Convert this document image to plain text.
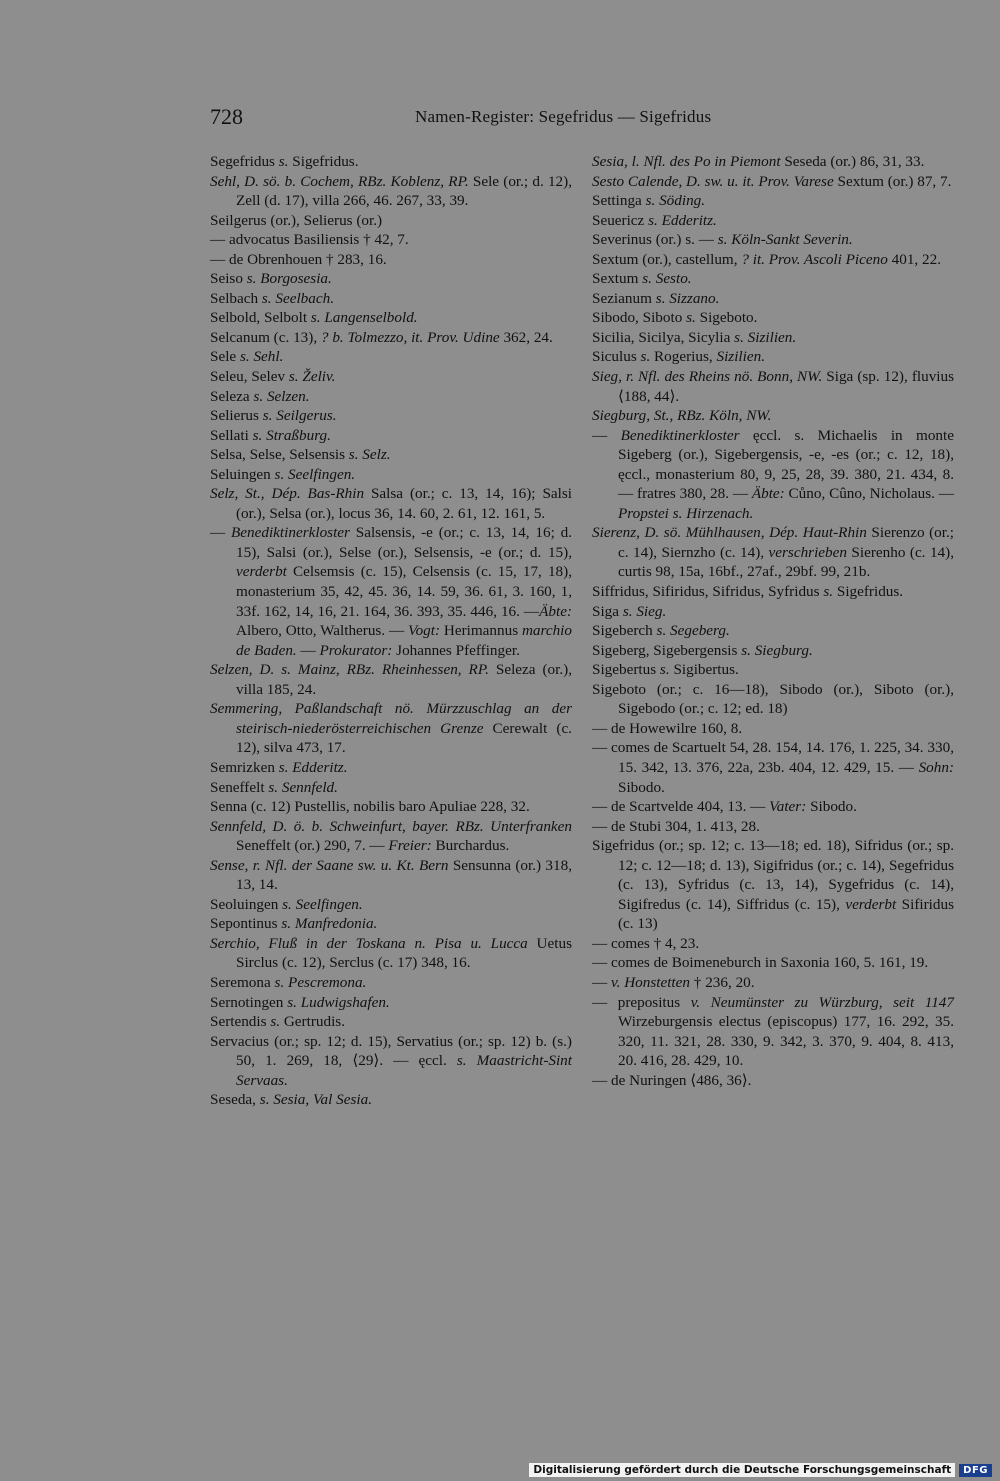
728	Namen-Register: Segefridus — Sigefridus
Segefridus s. Sigefridus.
Sehl, D. sö. b. Cochem, RBz. Koblenz, RP. Sele (or.; d. 12), Zell (d. 17), villa 266, 46. 267, 33, 39.
Seilgerus (or.), Selierus (or.)
— advocatus Basiliensis † 42, 7.
— de Obrenhouen † 283, 16.
Seiso s. Borgosesia.
Selbach s. Seelbach.
Selbold, Selbolt s. Langenselbold.
Selcanum (c. 13), ? b. Tolmezzo, it. Prov. Udine 362, 24.
Sele s. Sehl.
Seleu, Selev s. Želiv.
Seleza s. Selzen.
Selierus s. Seilgerus.
Sellati s. Straßburg.
Selsa, Selse, Selsensis s. Selz.
Seluingen s. Seelfingen.
Selz, St., Dép. Bas-Rhin Salsa (or.; c. 13, 14, 16); Salsi (or.), Selsa (or.), locus 36, 14. 60, 2. 61, 12. 161, 5.
— Benediktinerkloster Salsensis, -e (or.; c. 13, 14, 16; d. 15), Salsi (or.), Selse (or.), Selsensis, -e (or.; d. 15), verderbt Celsemsis (c. 15), Celsensis (c. 15, 17, 18), monasterium 35, 42, 45. 36, 14. 59, 36. 61, 3. 160, 1, 33f. 162, 14, 16, 21. 164, 36. 393, 35. 446, 16. —Äbte: Albero, Otto, Waltherus. — Vogt: Herimannus marchio de Baden. — Prokurator: Johannes Pfeffinger.
Selzen, D. s. Mainz, RBz. Rheinhessen, RP. Seleza (or.), villa 185, 24.
Semmering, Paßlandschaft nö. Mürzzuschlag an der steirisch-niederösterreichischen Grenze Cerewalt (c. 12), silva 473, 17.
Semrizken s. Edderitz.
Seneffelt s. Sennfeld.
Senna (c. 12) Pustellis, nobilis baro Apuliae 228, 32.
Sennfeld, D. ö. b. Schweinfurt, bayer. RBz. Unterfranken Seneffelt (or.) 290, 7. — Freier: Burchardus.
Sense, r. Nfl. der Saane sw. u. Kt. Bern Sensunna (or.) 318, 13, 14.
Seoluingen s. Seelfingen.
Sepontinus s. Manfredonia.
Serchio, Fluß in der Toskana n. Pisa u. Lucca Uetus Sirclus (c. 12), Serclus (c. 17) 348, 16.
Seremona s. Pescremona.
Sernotingen s. Ludwigshafen.
Sertendis s. Gertrudis.
Servacius (or.; sp. 12; d. 15), Servatius (or.; sp. 12) b. (s.) 50, 1. 269, 18, ⟨29⟩. — ęccl. s. Maastricht-Sint Servaas.
Seseda, s. Sesia, Val Sesia.
Sesia, l. Nfl. des Po in Piemont Seseda (or.) 86, 31, 33.
Sesto Calende, D. sw. u. it. Prov. Varese Sextum (or.) 87, 7.
Settinga s. Söding.
Seuericz s. Edderitz.
Severinus (or.) s. — s. Köln-Sankt Severin.
Sextum (or.), castellum, ? it. Prov. Ascoli Piceno 401, 22.
Sextum s. Sesto.
Sezianum s. Sizzano.
Sibodo, Siboto s. Sigeboto.
Sicilia, Sicilya, Sicylia s. Sizilien.
Siculus s. Rogerius, Sizilien.
Sieg, r. Nfl. des Rheins nö. Bonn, NW. Siga (sp. 12), fluvius ⟨188, 44⟩.
Siegburg, St., RBz. Köln, NW.
— Benediktinerkloster ęccl. s. Michaelis in monte Sigeberg (or.), Sigebergensis, -e, -es (or.; c. 12, 18), ęccl., monasterium 80, 9, 25, 28, 39. 380, 21. 434, 8. — fratres 380, 28. — Äbte: Cůno, Cûno, Nicholaus. — Propstei s. Hirzenach.
Sierenz, D. sö. Mühlhausen, Dép. Haut-Rhin Sierenzo (or.; c. 14), Siernzho (c. 14), verschrieben Sierenho (c. 14), curtis 98, 15a, 16bf., 27af., 29bf. 99, 21b.
Siffridus, Sifiridus, Sifridus, Syfridus s. Sigefridus.
Siga s. Sieg.
Sigeberch s. Segeberg.
Sigeberg, Sigebergensis s. Siegburg.
Sigebertus s. Sigibertus.
Sigeboto (or.; c. 16—18), Sibodo (or.), Siboto (or.), Sigebodo (or.; c. 12; ed. 18)
— de Howewilre 160, 8.
— comes de Scartuelt 54, 28. 154, 14. 176, 1. 225, 34. 330, 15. 342, 13. 376, 22a, 23b. 404, 12. 429, 15. — Sohn: Sibodo.
— de Scartvelde 404, 13. — Vater: Sibodo.
— de Stubi 304, 1. 413, 28.
Sigefridus (or.; sp. 12; c. 13—18; ed. 18), Sifridus (or.; sp. 12; c. 12—18; d. 13), Sigifridus (or.; c. 14), Segefridus (c. 13), Syfridus (c. 13, 14), Sygefridus (c. 14), Sigifredus (c. 14), Siffridus (c. 15), verderbt Sifiridus (c. 13)
— comes † 4, 23.
— comes de Boimeneburch in Saxonia 160, 5. 161, 19.
— v. Honstetten † 236, 20.
— prepositus v. Neumünster zu Würzburg, seit 1147 Wirzeburgensis electus (episcopus) 177, 16. 292, 35. 320, 11. 321, 28. 330, 9. 342, 3. 370, 9. 404, 8. 413, 20. 416, 28. 429, 10.
— de Nuringen ⟨486, 36⟩.
Digitalisierung gefördert durch die Deutsche Forschungsgemeinschaft	DFG
